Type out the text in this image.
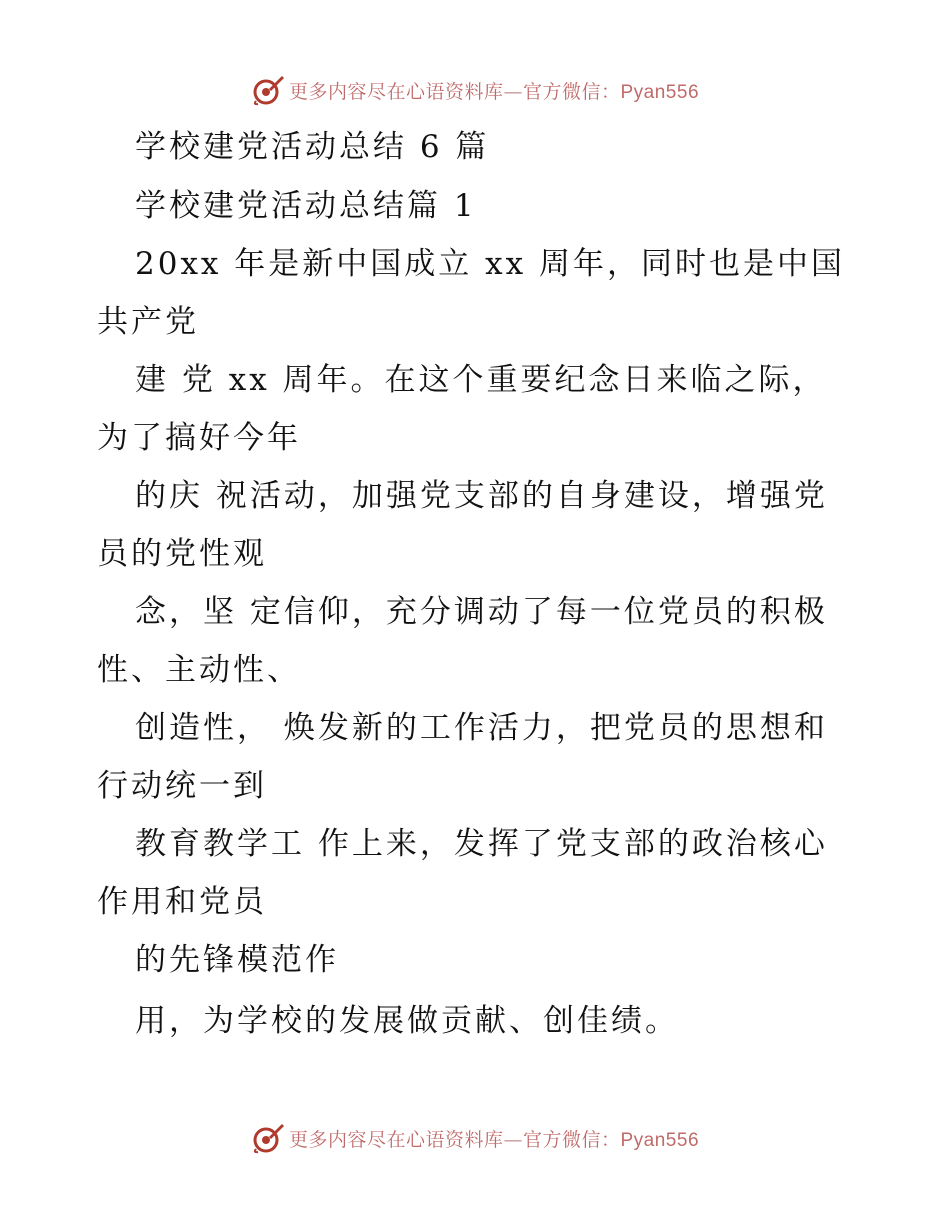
更多内容尽在心语资料库—官方微信：Pyan556
学校建党活动总结 6 篇
学校建党活动总结篇 1
20xx 年是新中国成立 xx 周年，同时也是中国
共产党
建 党 xx 周年。在这个重要纪念日来临之际，
为了搞好今年
的庆 祝活动，加强党支部的自身建设，增强党
员的党性观
念，坚 定信仰，充分调动了每一位党员的积极
性、主动性、
创造性， 焕发新的工作活力，把党员的思想和
行动统一到
教育教学工 作上来，发挥了党支部的政治核心
作用和党员
的先锋模范作
用，为学校的发展做贡献、创佳绩。
更多内容尽在心语资料库—官方微信：Pyan556
